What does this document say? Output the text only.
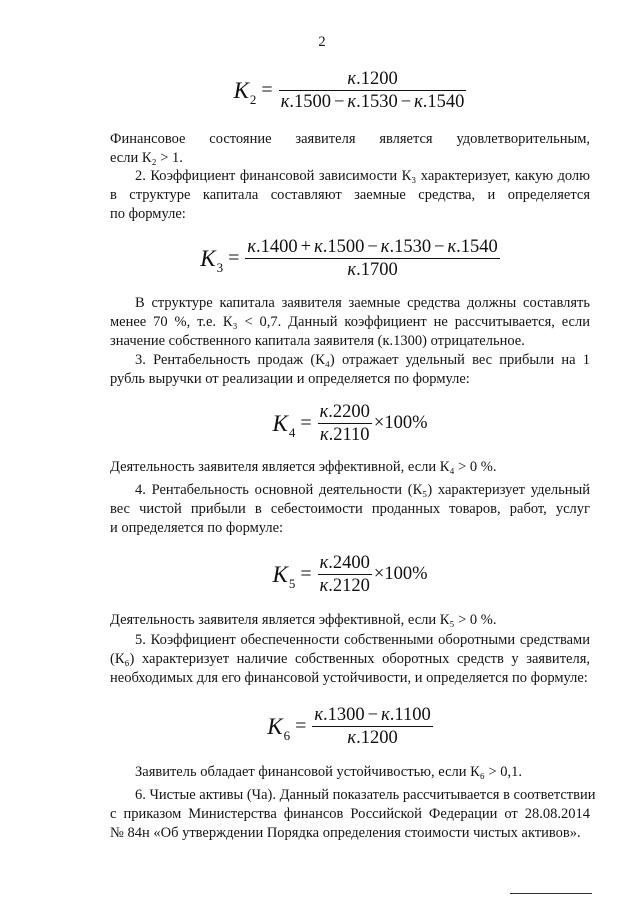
2
K $2 = \frac{к.1200}{к.1500 - к.1530 - к.1540}$
Финансовое состояние заявителя является удовлетворительным,
если К₂ > 1.
2. Коэффициент финансовой зависимости К₃ характеризует, какую долю
в структуре капитала составляют заемные средства, и определяется
по формуле:
K $3 = \frac{к.1400 + к.1500 - к.1530 - к.1540}{к.1700}$
В структуре капитала заявителя заемные средства должны составлять
менее 70 %, т.е. К₃ < 0,7. Данный коэффициент не рассчитывается, если
значение собственного капитала заявителя (к.1300) отрицательное.
3. Рентабельность продаж (К₄) отражает удельный вес прибыли на 1
рубль выручки от реализации и определяется по формуле:
K $4 = \frac{к.2200}{к.2110} \times 100\%$
Деятельность заявителя является эффективной, если К₄ > 0 %.
4. Рентабельность основной деятельности (К₅) характеризует удельный
вес чистой прибыли в себестоимости проданных товаров, работ, услуг
и определяется по формуле:
K $5 = \frac{к.2400}{к.2120} \times 100\%$
Деятельность заявителя является эффективной, если К₅ > 0 %.
5. Коэффициент обеспеченности собственными оборотными средствами
(К₆) характеризует наличие собственных оборотных средств у заявителя,
необходимых для его финансовой устойчивости, и определяется по формуле:
K $6 = \frac{к.1300 - к.1100}{к.1200}$
Заявитель обладает финансовой устойчивостью, если К₆ > 0,1.
6. Чистые активы (Ча). Данный показатель рассчитывается в соответствии
с приказом Министерства финансов Российской Федерации от 28.08.2014
№ 84н «Об утверждении Порядка определения стоимости чистых активов».
